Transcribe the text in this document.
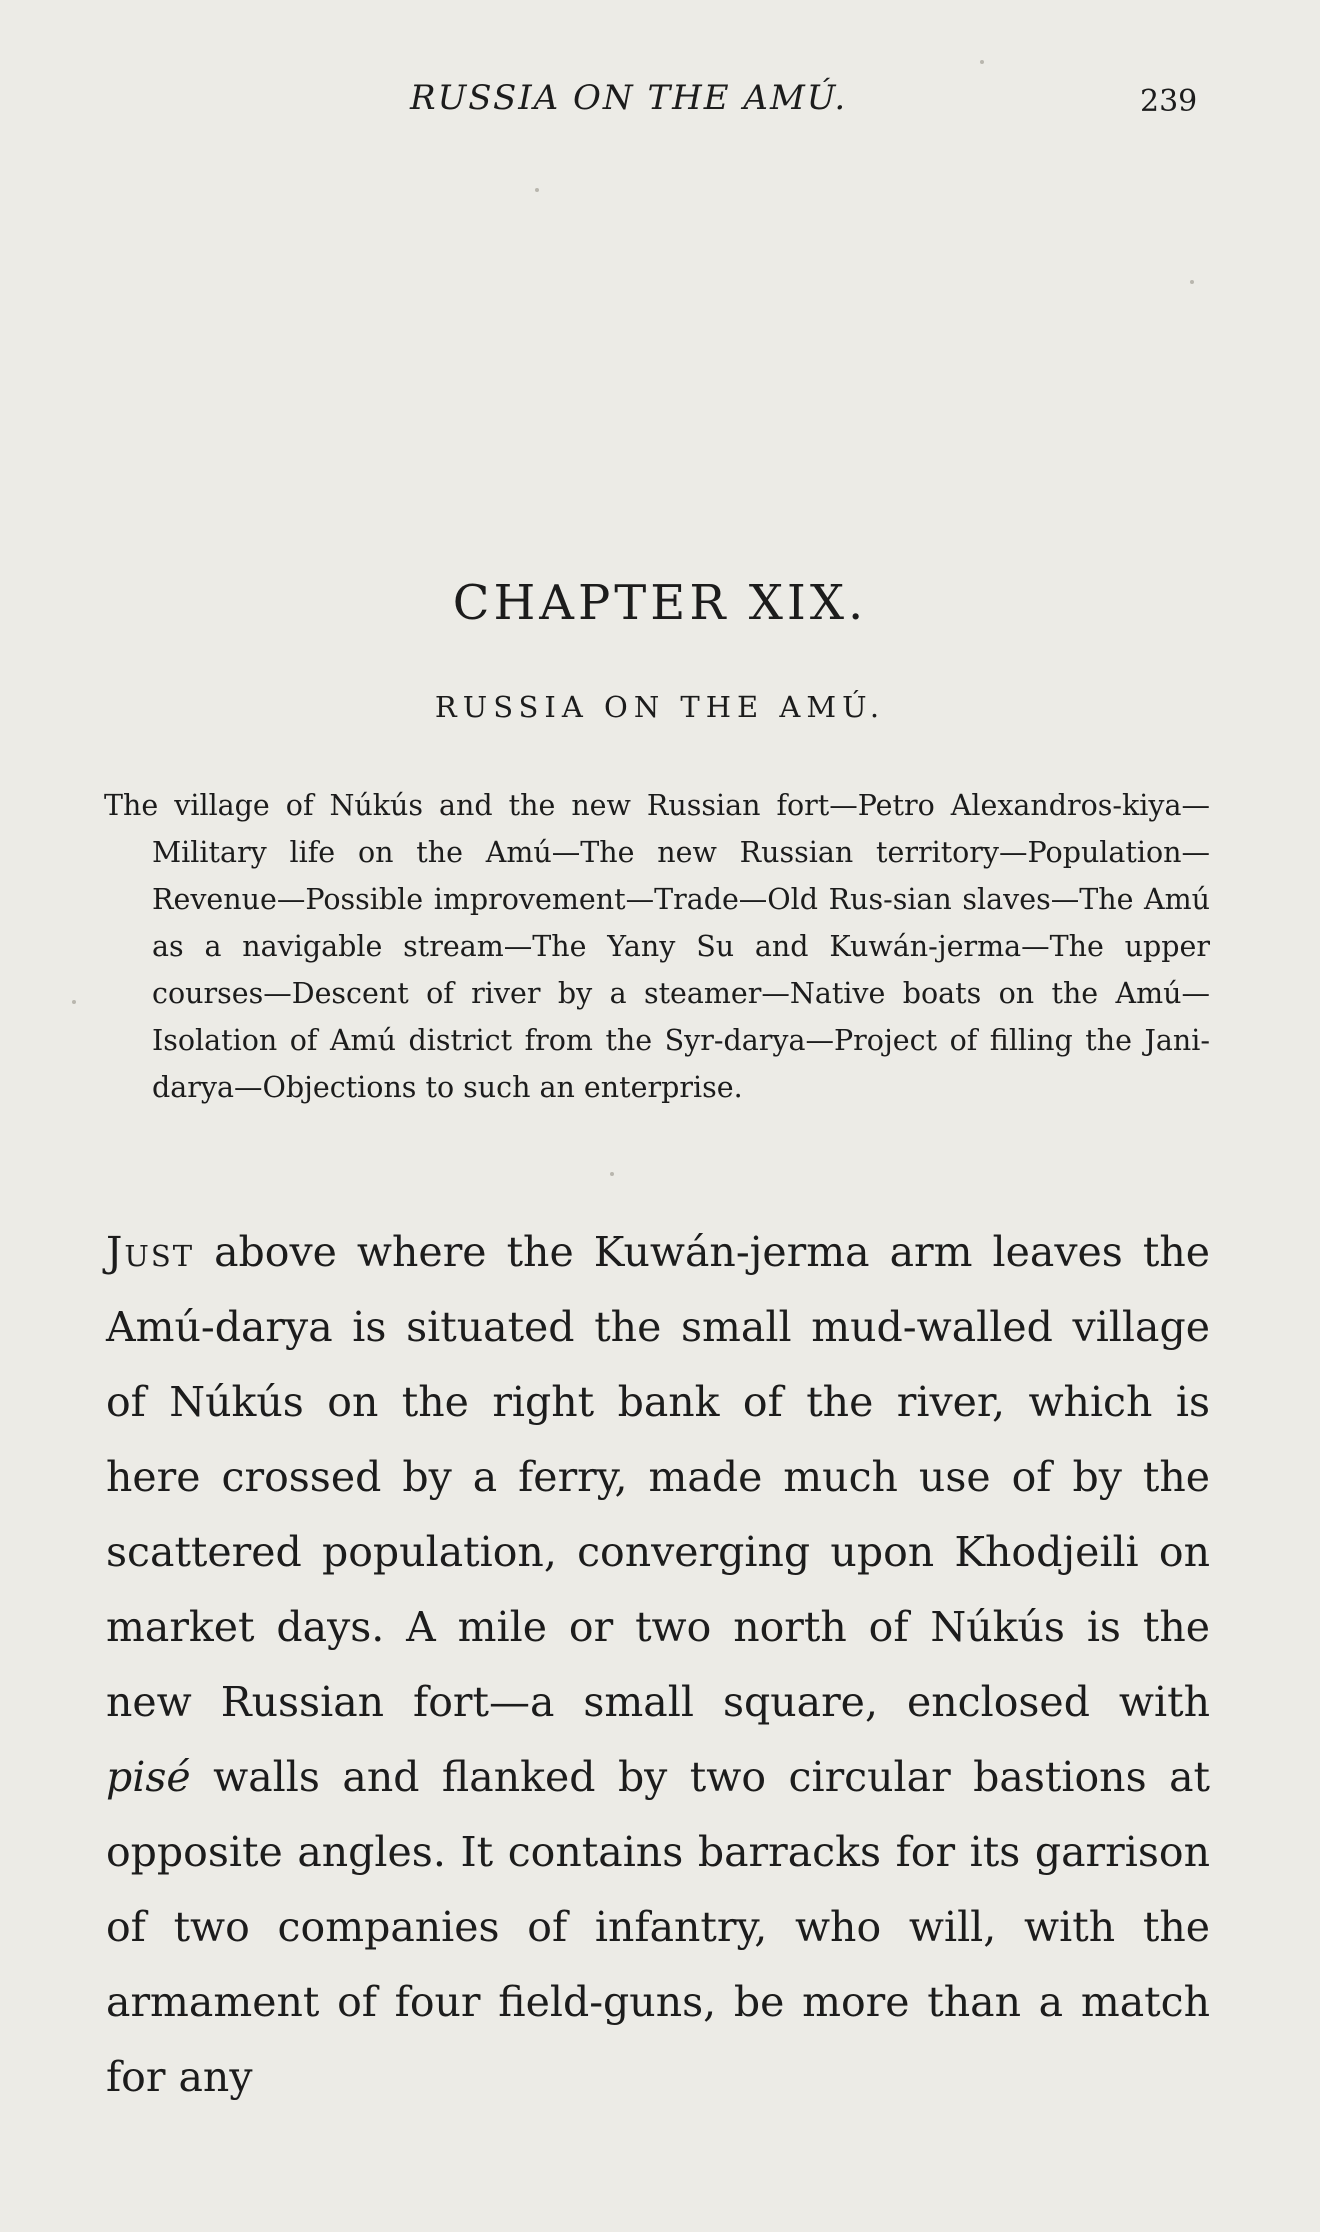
RUSSIA ON THE AMÚ.	239
CHAPTER XIX.
RUSSIA ON THE AMÚ.
The village of Núkús and the new Russian fort—Petro Alexandros-kiya—Military life on the Amú—The new Russian territory—Population—Revenue—Possible improvement—Trade—Old Rus-sian slaves—The Amú as a navigable stream—The Yany Su and Kuwán-jerma—The upper courses—Descent of river by a steamer—Native boats on the Amú—Isolation of Amú district from the Syr-darya—Project of filling the Jani-darya—Objections to such an enterprise.
Just above where the Kuwán-jerma arm leaves the Amú-darya is situated the small mud-walled village of Núkús on the right bank of the river, which is here crossed by a ferry, made much use of by the scattered population, converging upon Khodjeili on market days. A mile or two north of Núkús is the new Russian fort—a small square, enclosed with pisé walls and flanked by two circular bastions at opposite angles. It contains barracks for its garrison of two companies of infantry, who will, with the armament of four field-guns, be more than a match for any
